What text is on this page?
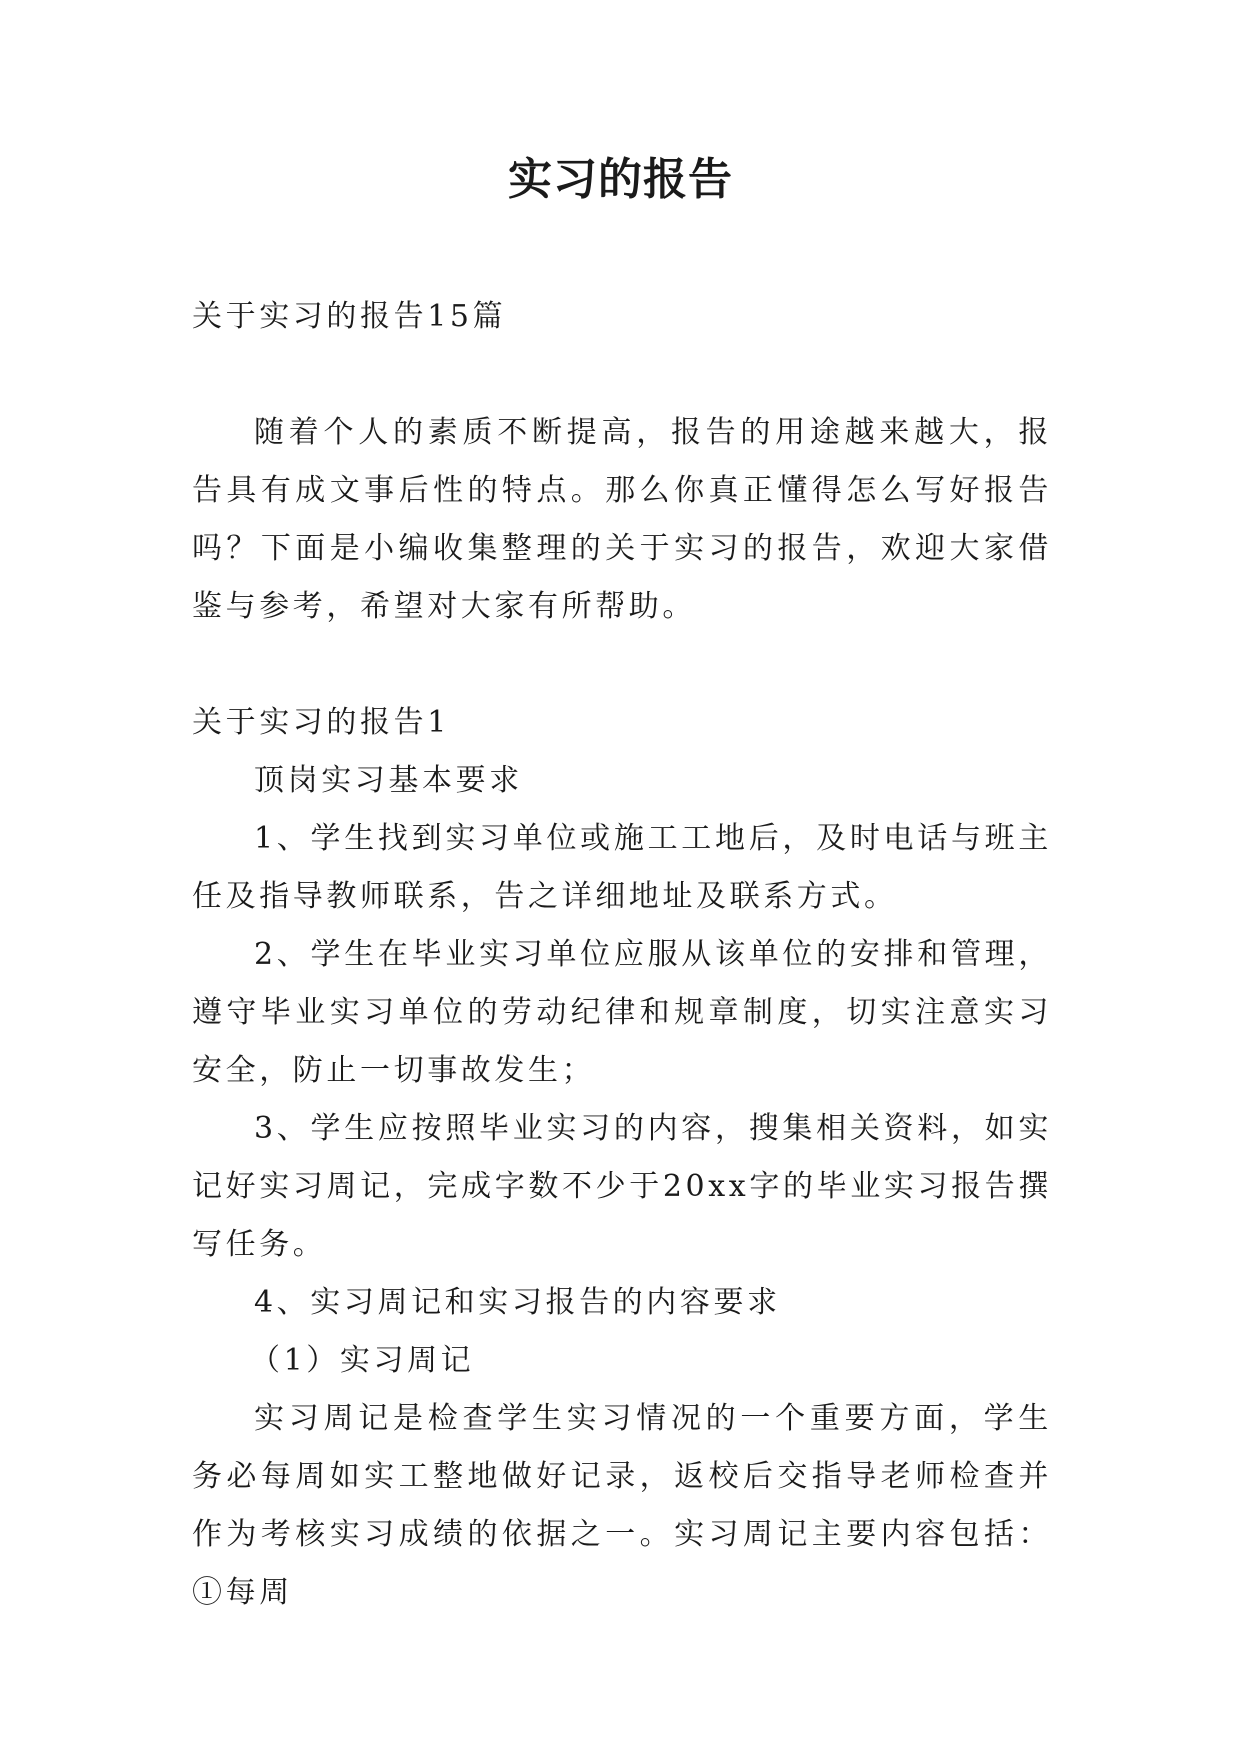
实习的报告

关于实习的报告15篇

随着个人的素质不断提高，报告的用途越来越大，报告具有成文事后性的特点。那么你真正懂得怎么写好报告吗？下面是小编收集整理的关于实习的报告，欢迎大家借鉴与参考，希望对大家有所帮助。

关于实习的报告1

顶岗实习基本要求

1、学生找到实习单位或施工工地后，及时电话与班主任及指导教师联系，告之详细地址及联系方式。

2、学生在毕业实习单位应服从该单位的安排和管理，遵守毕业实习单位的劳动纪律和规章制度，切实注意实习安全，防止一切事故发生；

3、学生应按照毕业实习的内容，搜集相关资料，如实记好实习周记，完成字数不少于20xx字的毕业实习报告撰写任务。

4、实习周记和实习报告的内容要求

（1）实习周记

实习周记是检查学生实习情况的一个重要方面，学生务必每周如实工整地做好记录，返校后交指导老师检查并作为考核实习成绩的依据之一。实习周记主要内容包括：①每周
